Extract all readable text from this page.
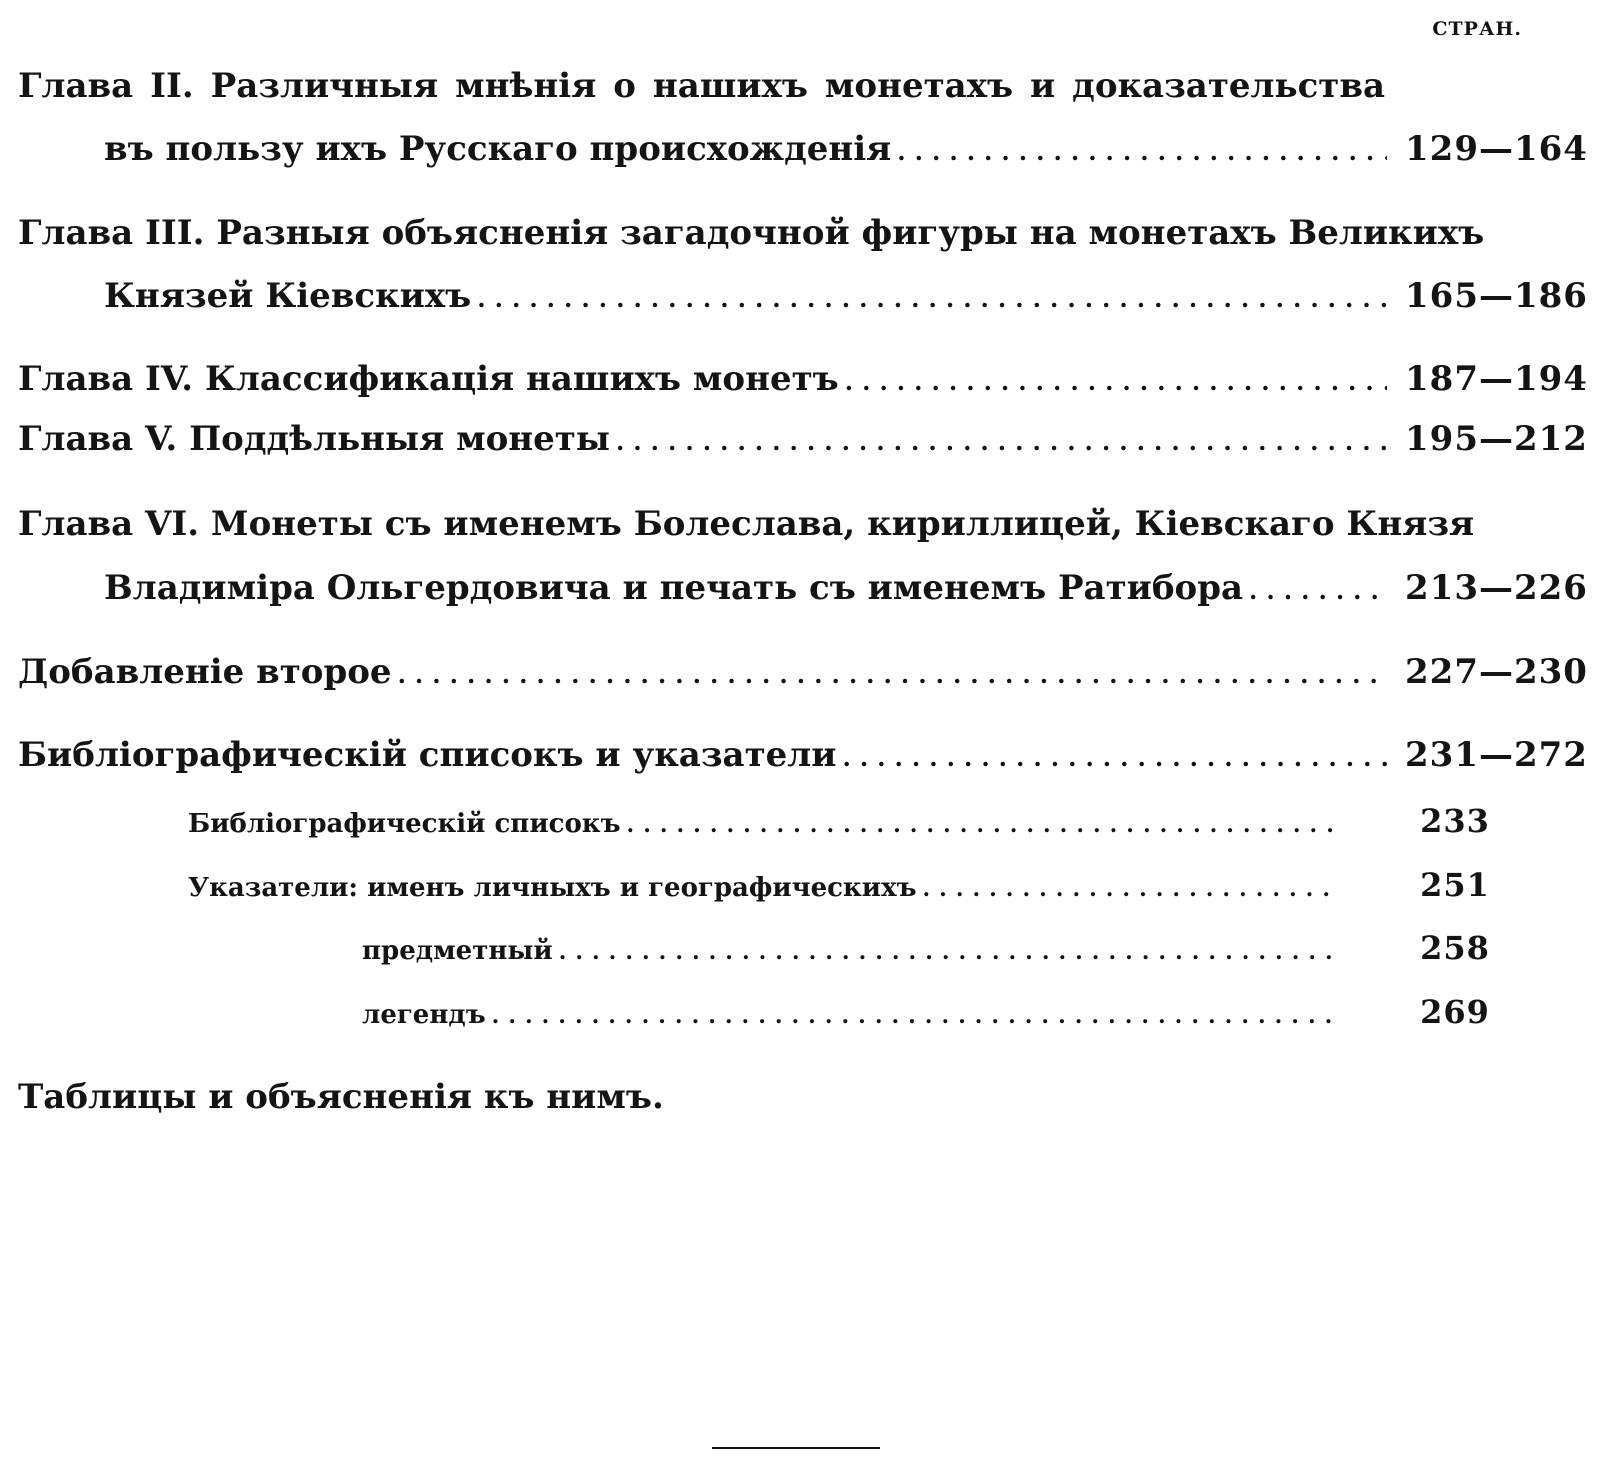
СТРАН.
Глава II. Различныя мнѣнія о нашихъ монетахъ и доказательства
въ пользу ихъ Русскаго происхожденія .....	129—164
Глава III. Разныя объясненія загадочной фигуры на монетахъ Великихъ
Князей Кіевскихъ .....	165—186
Глава IV. Классификація нашихъ монетъ .....	187—194
Глава V. Поддѣльныя монеты .....	195—212
Глава VI. Монеты съ именемъ Болеслава, кириллицей, Кіевскаго Князя
Владиміра Ольгердовича и печать съ именемъ Ратибора .....	213—226
Добавленіе второе .....	227—230
Библіографическій списокъ и указатели .....	231—272
Библіографическій списокъ .....	233
Указатели: именъ личныхъ и географическихъ .....	251
предметный .....	258
легендъ .....	269
Таблицы и объясненія къ нимъ.
